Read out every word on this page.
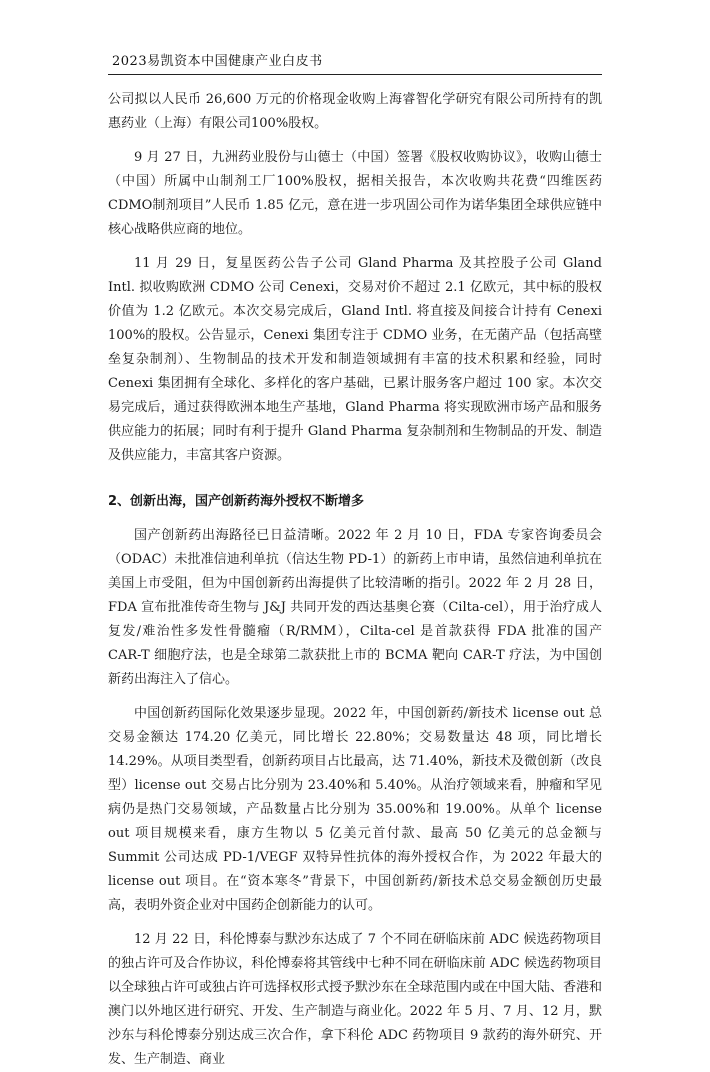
2023易凯资本中国健康产业白皮书

公司拟以人民币 26,600 万元的价格现金收购上海睿智化学研究有限公司所持有的凯惠药业（上海）有限公司100%股权。

9 月 27 日，九洲药业股份与山德士（中国）签署《股权收购协议》，收购山德士（中国）所属中山制剂工厂100%股权，据相关报告，本次收购共花费“四维医药CDMO制剂项目”人民币 1.85 亿元，意在进一步巩固公司作为诺华集团全球供应链中核心战略供应商的地位。

11 月 29 日，复星医药公告子公司 Gland Pharma 及其控股子公司 Gland Intl. 拟收购欧洲 CDMO 公司 Cenexi，交易对价不超过 2.1 亿欧元，其中标的股权价值为 1.2 亿欧元。本次交易完成后，Gland Intl. 将直接及间接合计持有 Cenexi 100%的股权。公告显示，Cenexi 集团专注于 CDMO 业务，在无菌产品（包括高壁垒复杂制剂）、生物制品的技术开发和制造领域拥有丰富的技术积累和经验，同时 Cenexi 集团拥有全球化、多样化的客户基础，已累计服务客户超过 100 家。本次交易完成后，通过获得欧洲本地生产基地，Gland Pharma 将实现欧洲市场产品和服务供应能力的拓展；同时有利于提升 Gland Pharma 复杂制剂和生物制品的开发、制造及供应能力，丰富其客户资源。

2、创新出海，国产创新药海外授权不断增多

国产创新药出海路径已日益清晰。2022 年 2 月 10 日，FDA 专家咨询委员会（ODAC）未批准信迪利单抗（信达生物 PD-1）的新药上市申请，虽然信迪利单抗在美国上市受阻，但为中国创新药出海提供了比较清晰的指引。2022 年 2 月 28 日，FDA 宣布批准传奇生物与 J&J 共同开发的西达基奥仑赛（Cilta-cel），用于治疗成人复发/难治性多发性骨髓瘤（R/RMM），Cilta-cel 是首款获得 FDA 批准的国产 CAR-T 细胞疗法，也是全球第二款获批上市的 BCMA 靶向 CAR-T 疗法，为中国创新药出海注入了信心。

中国创新药国际化效果逐步显现。2022 年，中国创新药/新技术 license out 总交易金额达 174.20 亿美元，同比增长 22.80%；交易数量达 48 项，同比增长 14.29%。从项目类型看，创新药项目占比最高，达 71.40%，新技术及微创新（改良型）license out 交易占比分别为 23.40%和 5.40%。从治疗领域来看，肿瘤和罕见病仍是热门交易领域，产品数量占比分别为 35.00%和 19.00%。从单个 license out 项目规模来看，康方生物以 5 亿美元首付款、最高 50 亿美元的总金额与 Summit 公司达成 PD-1/VEGF 双特异性抗体的海外授权合作，为 2022 年最大的 license out 项目。在“资本寒冬”背景下，中国创新药/新技术总交易金额创历史最高，表明外资企业对中国药企创新能力的认可。

12 月 22 日，科伦博泰与默沙东达成了 7 个不同在研临床前 ADC 候选药物项目的独占许可及合作协议，科伦博泰将其管线中七种不同在研临床前 ADC 候选药物项目以全球独占许可或独占许可选择权形式授予默沙东在全球范围内或在中国大陆、香港和澳门以外地区进行研究、开发、生产制造与商业化。2022 年 5 月、7 月、12 月，默沙东与科伦博泰分别达成三次合作，拿下科伦 ADC 药物项目 9 款药的海外研究、开发、生产制造、商业
